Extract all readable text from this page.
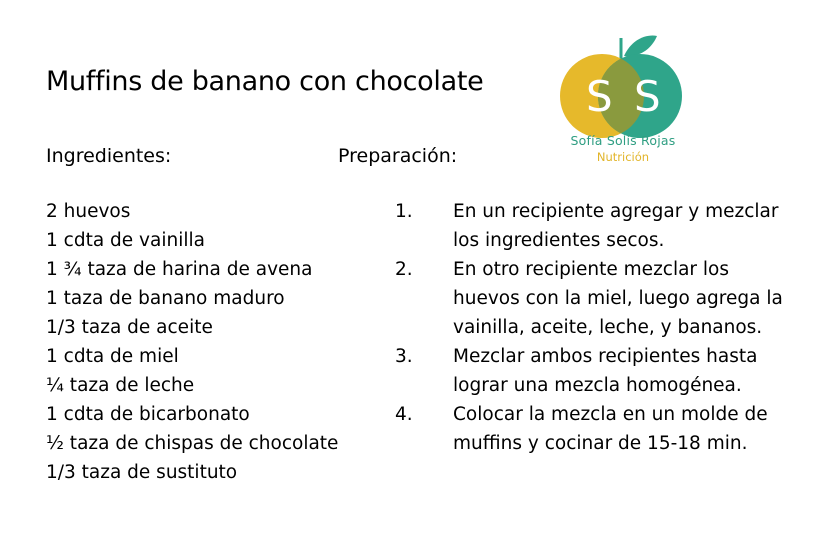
Muffins de banano con chocolate
Ingredientes:	Preparación:
2 huevos
1 cdta de vainilla
1 ¾ taza de harina de avena
1 taza de banano maduro
1/3 taza de aceite
1 cdta de miel
¼ taza de leche
1 cdta de bicarbonato
½ taza de chispas de chocolate
1/3 taza de sustituto
1.	En un recipiente agregar y mezclar los ingredientes secos.
2.	En otro recipiente mezclar los huevos con la miel, luego agrega la vainilla, aceite, leche, y bananos.
3.	Mezclar ambos recipientes hasta lograr una mezcla homogénea.
4.	Colocar la mezcla en un molde de muffins y cocinar de 15-18 min.
S S
Sofía Solís Rojas
Nutrición
